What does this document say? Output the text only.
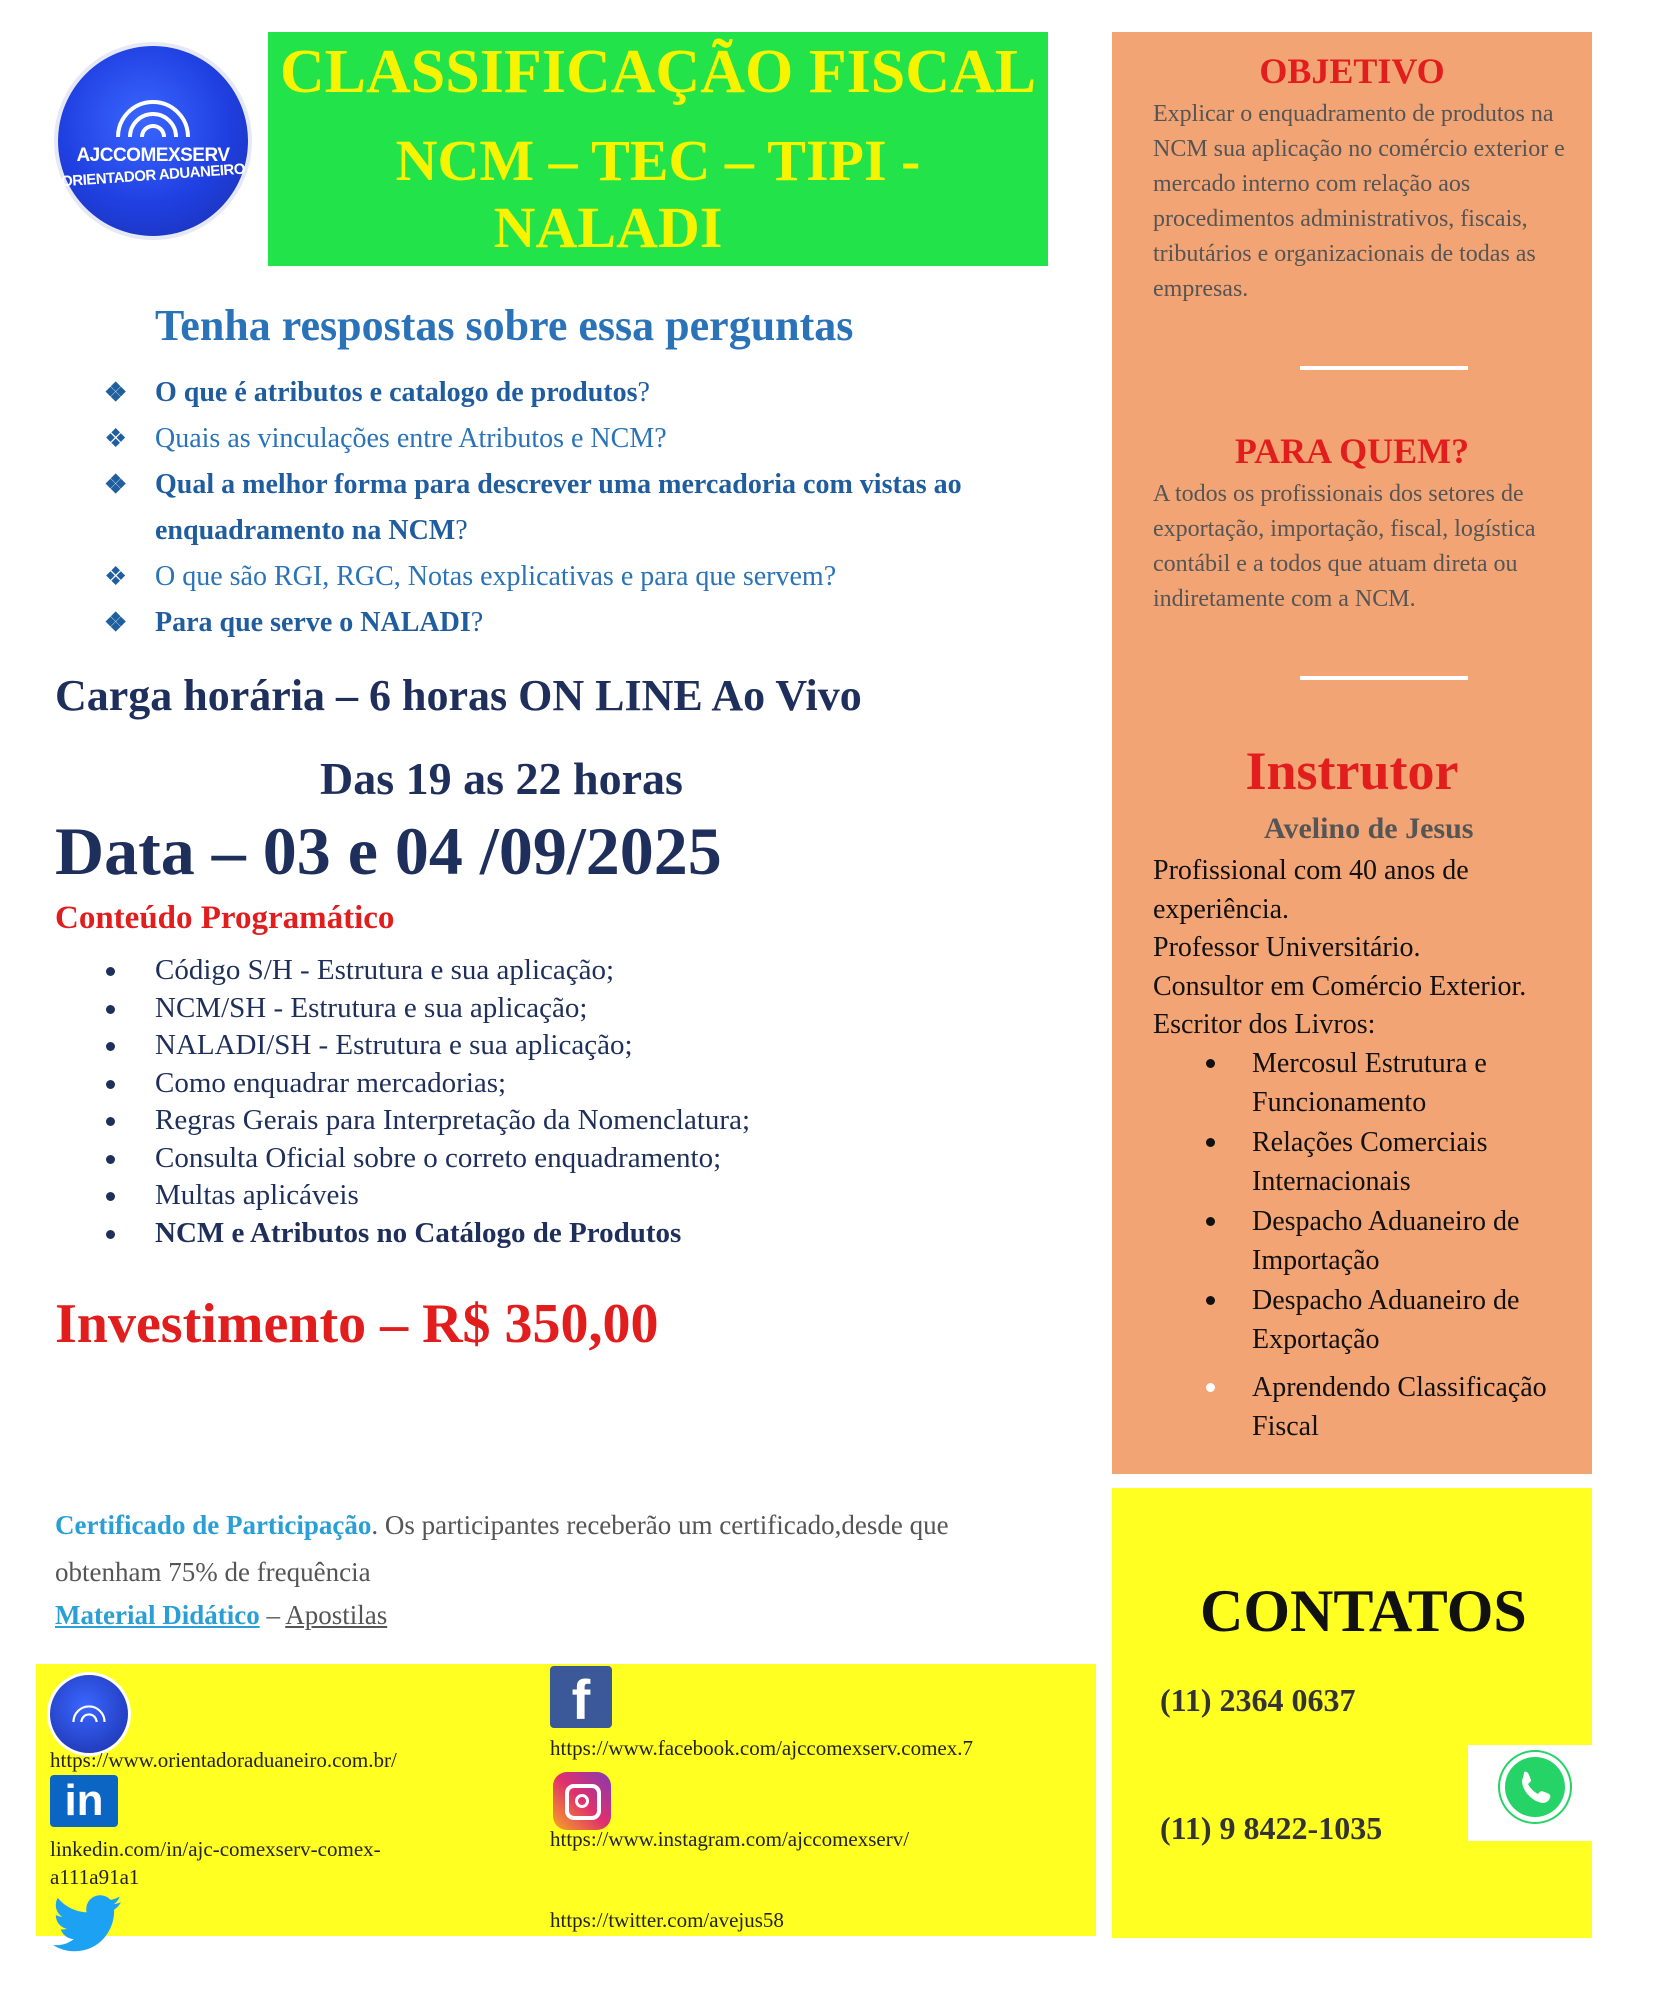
AJCCOMEXSERV
ORIENTADOR ADUANEIRO
CLASSIFICAÇÃO FISCAL
NCM – TEC – TIPI -
NALADI
Tenha respostas sobre essa perguntas
❖ O que é atributos e catalogo de produtos?
❖ Quais as vinculações entre Atributos e NCM?
❖ Qual a melhor forma para descrever uma mercadoria com vistas ao enquadramento na NCM?
❖ O que são RGI, RGC, Notas explicativas e para que servem?
❖ Para que serve o NALADI?
Carga horária – 6 horas ON LINE Ao Vivo
Das 19 as 22 horas
Data – 03 e 04 /09/2025
Conteúdo Programático
Código S/H - Estrutura e sua aplicação;
NCM/SH - Estrutura e sua aplicação;
NALADI/SH - Estrutura e sua aplicação;
Como enquadrar mercadorias;
Regras Gerais para Interpretação da Nomenclatura;
Consulta Oficial sobre o correto enquadramento;
Multas aplicáveis
NCM e Atributos no Catálogo de Produtos
Investimento – R$ 350,00
Certificado de Participação. Os participantes receberão um certificado,desde que obtenham 75% de frequência
Material Didático – Apostilas
https://www.orientadoraduaneiro.com.br/
in
linkedin.com/in/ajc-comexserv-comex-a111a91a1
f
https://www.facebook.com/ajccomexserv.comex.7
https://www.instagram.com/ajccomexserv/
https://twitter.com/avejus58
OBJETIVO
Explicar o enquadramento de produtos na NCM sua aplicação no comércio exterior e mercado interno com relação aos procedimentos administrativos, fiscais, tributários e organizacionais de todas as empresas.
PARA QUEM?
A todos os profissionais dos setores de exportação, importação, fiscal, logística contábil e a todos que atuam direta ou indiretamente com a NCM.
Instrutor
Avelino de Jesus
Profissional com 40 anos de experiência.
Professor Universitário.
Consultor em Comércio Exterior.
Escritor dos Livros:
Mercosul Estrutura e Funcionamento
Relações Comerciais Internacionais
Despacho Aduaneiro de Importação
Despacho Aduaneiro de Exportação
Aprendendo Classificação Fiscal
CONTATOS
(11) 2364 0637
(11) 9 8422-1035
